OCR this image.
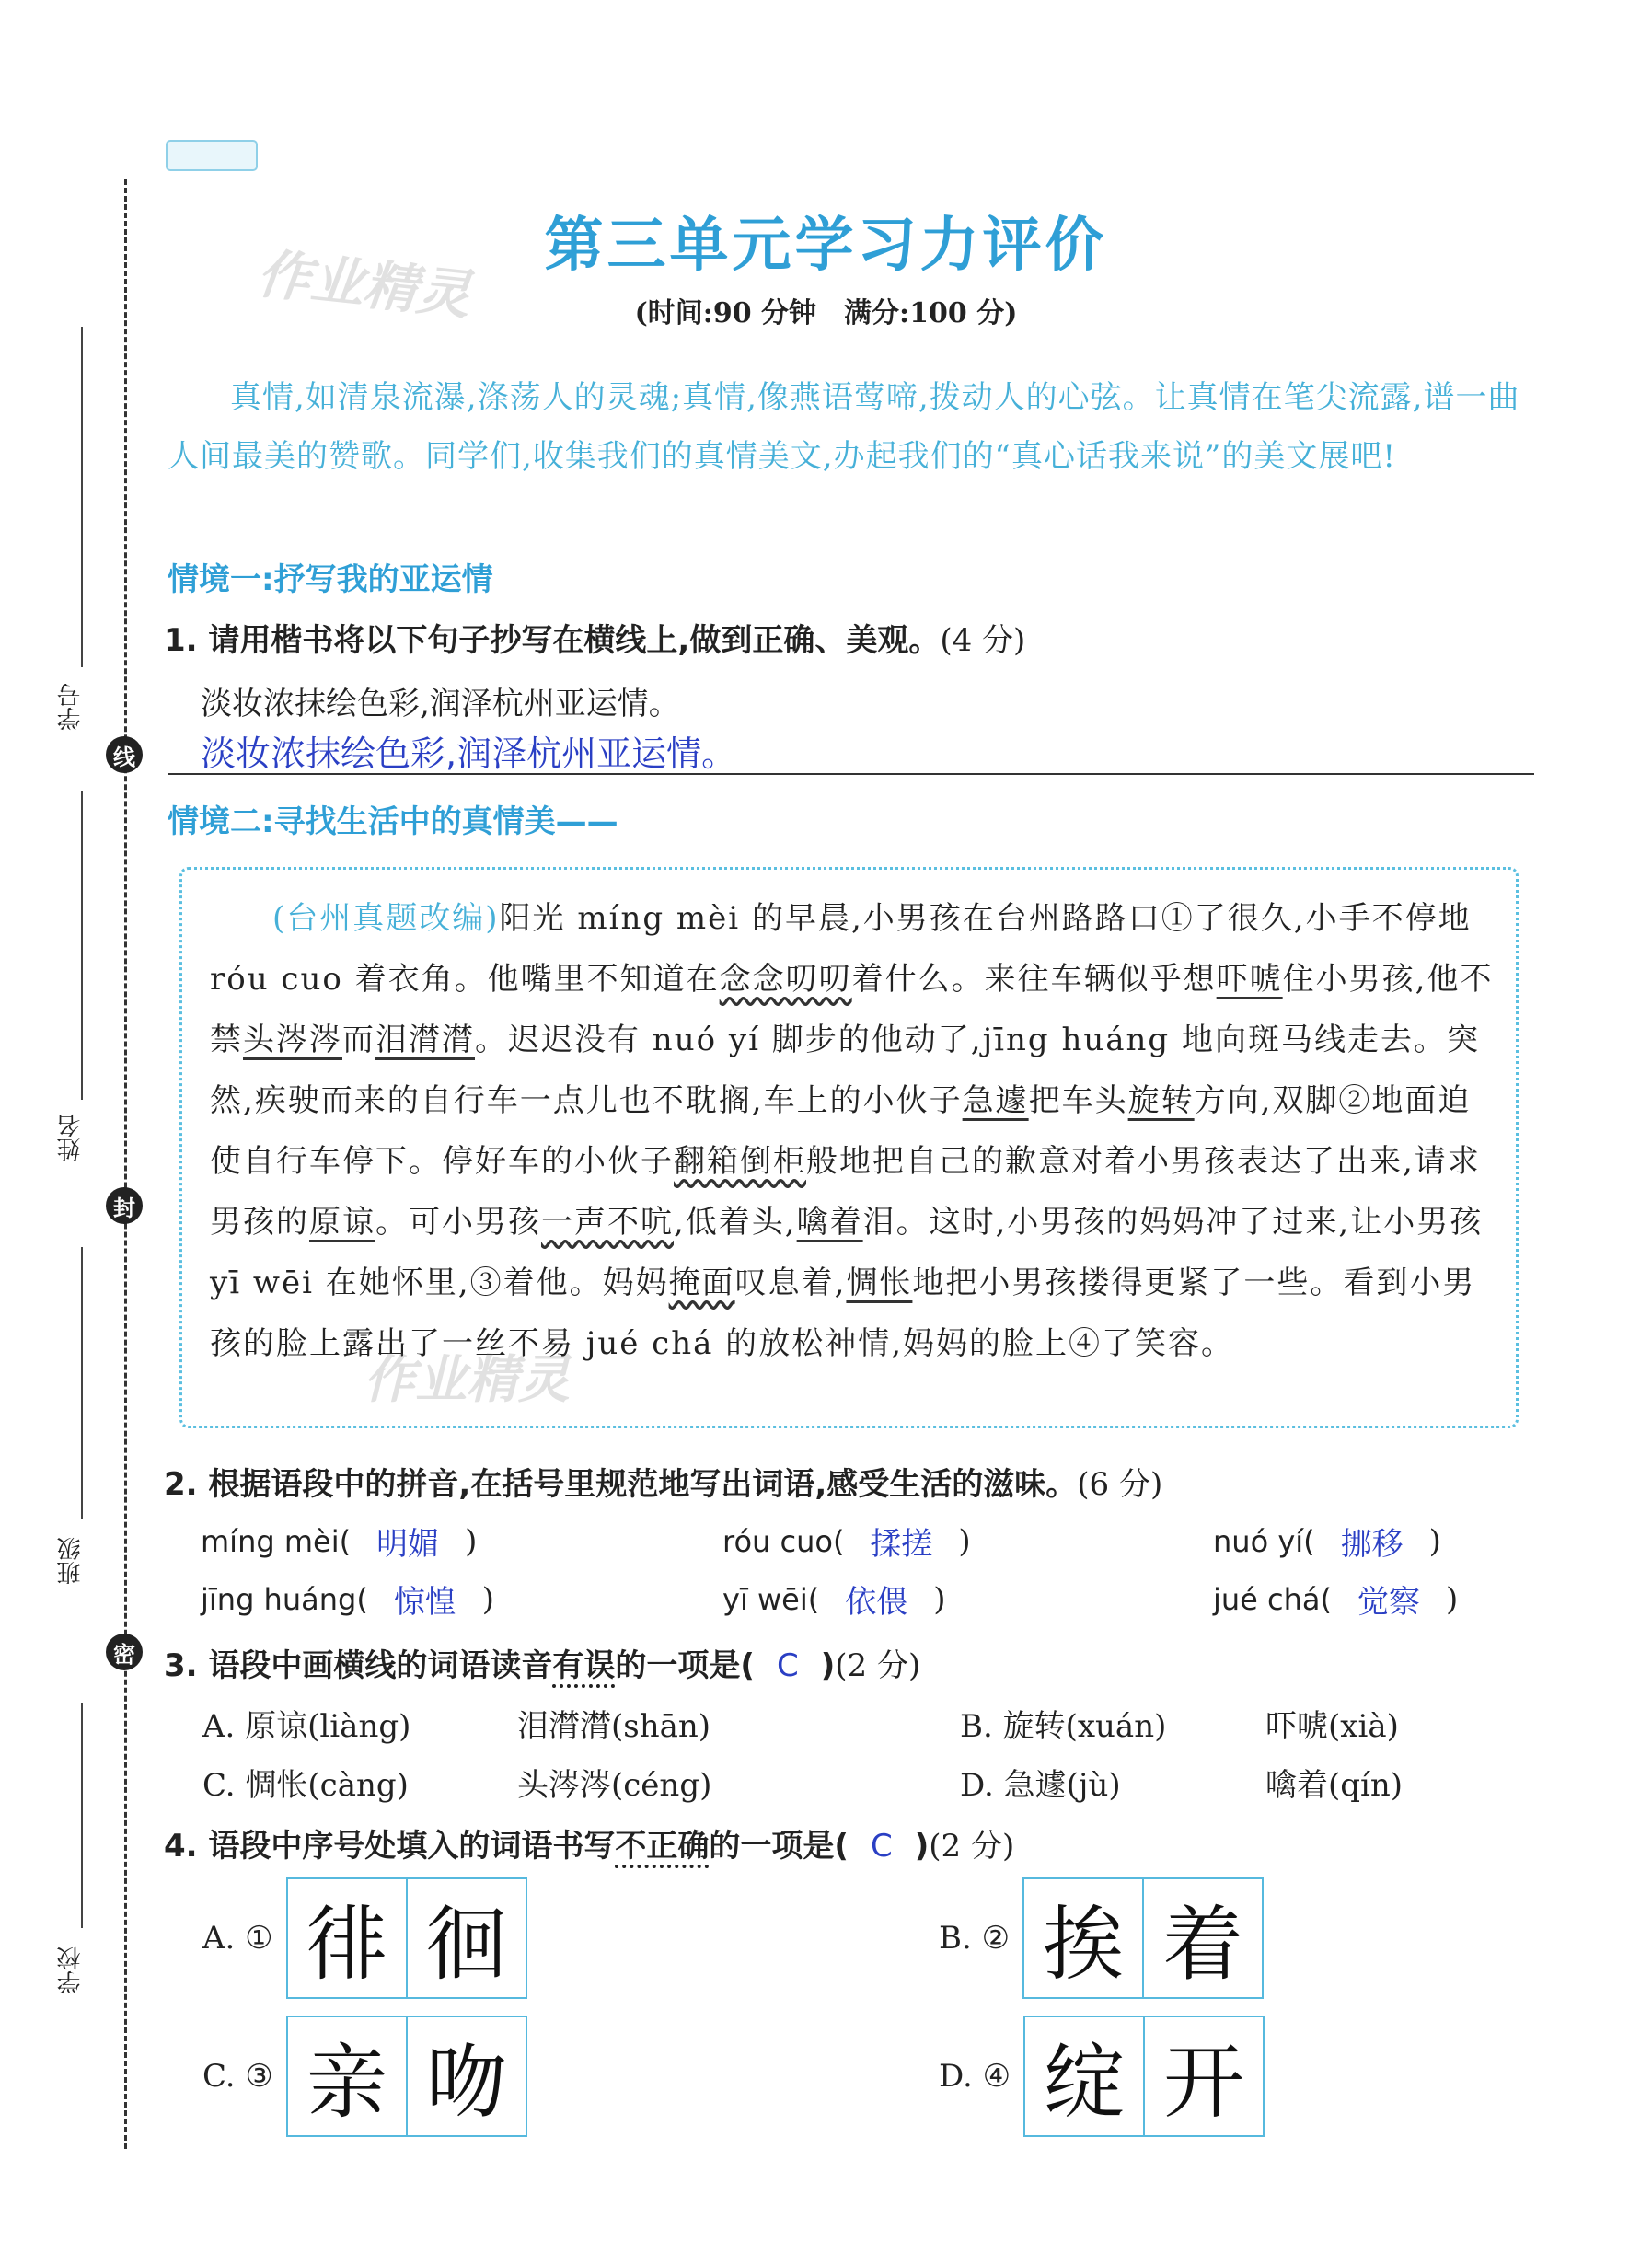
学号
线
姓名
封
班级
密
学校
作业精灵	第三单元学习力评价
(时间:90 分钟　满分:100 分)
真情,如清泉流瀑,涤荡人的灵魂;真情,像燕语莺啼,拨动人的心弦。让真情在笔尖流露,谱一曲人间最美的赞歌。同学们,收集我们的真情美文,办起我们的“真心话我来说”的美文展吧!
情境一:抒写我的亚运情
1. 请用楷书将以下句子抄写在横线上,做到正确、美观。(4 分)
淡妆浓抹绘色彩,润泽杭州亚运情。
淡妆浓抹绘色彩,润泽杭州亚运情。
情境二:寻找生活中的真情美——
(台州真题改编)阳光 míng mèi 的早晨,小男孩在台州路路口①了很久,小手不停地 róu cuo 着衣角。他嘴里不知道在念念叨叨着什么。来往车辆似乎想吓唬住小男孩,他不禁头涔涔而泪潸潸。迟迟没有 nuó yí 脚步的他动了,jīng huáng 地向斑马线走去。突然,疾驶而来的自行车一点儿也不耽搁,车上的小伙子急遽把车头旋转方向,双脚②地面迫使自行车停下。停好车的小伙子翻箱倒柜般地把自己的歉意对着小男孩表达了出来,请求男孩的原谅。可小男孩一声不吭,低着头,噙着泪。这时,小男孩的妈妈冲了过来,让小男孩 yī wēi 在她怀里,③着他。妈妈掩面叹息着,惆怅地把小男孩搂得更紧了一些。看到小男孩的脸上露出了一丝不易 jué chá 的放松神情,妈妈的脸上④了笑容。
作业精灵
2. 根据语段中的拼音,在括号里规范地写出词语,感受生活的滋味。(6 分)
míng mèi( 明媚 )	róu cuo( 揉搓 )	nuó yí( 挪移 )
jīng huáng( 惊惶 )	yī wēi( 依偎 )	jué chá( 觉察 )
3. 语段中画横线的词语读音有误的一项是( C )(2 分)
A. 原谅(liàng)	泪潸潸(shān)	B. 旋转(xuán)	吓唬(xià)
C. 惆怅(càng)	头涔涔(céng)	D. 急遽(jù)	噙着(qín)
4. 语段中序号处填入的词语书写不正确的一项是( C )(2 分)
A. ① 徘 徊	B. ② 挨 着
C. ③ 亲 吻	D. ④ 绽 开
